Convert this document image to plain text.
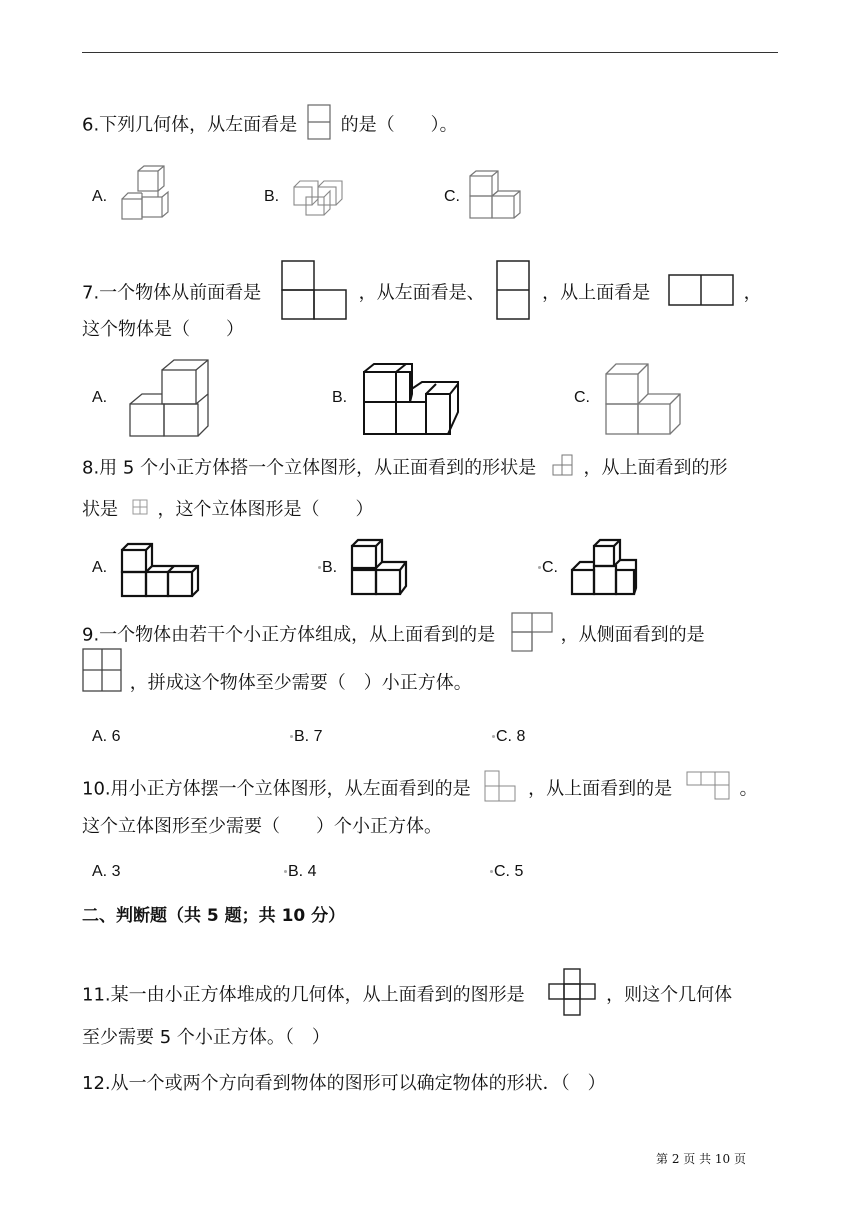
6.下列几何体，从左面看是 的是（　　）。
A.	B.	C.
7.一个物体从前面看是	，从左面看是、	，从上面看是	，
这个物体是（　　）
A.	B.	C.
8.用 5 个小正方体搭一个立体图形，从正面看到的形状是	，从上面看到的形
状是 ，这个立体图形是（　　）
A.	B.	C.
9.一个物体由若干个小正方体组成，从上面看到的是	，从侧面看到的是
，拼成这个物体至少需要（　）小正方体。
A. 6	B. 7	C. 8
10.用小正方体摆一个立体图形，从左面看到的是	，从上面看到的是	。
这个立体图形至少需要（　　）个小正方体。
A. 3	B. 4	C. 5
二、判断题（共 5 题；共 10 分）
11.某一由小正方体堆成的几何体，从上面看到的图形是	，则这个几何体
至少需要 5 个小正方体。（　）
12.从一个或两个方向看到物体的图形可以确定物体的形状．（　）
第 2 页 共 10 页
